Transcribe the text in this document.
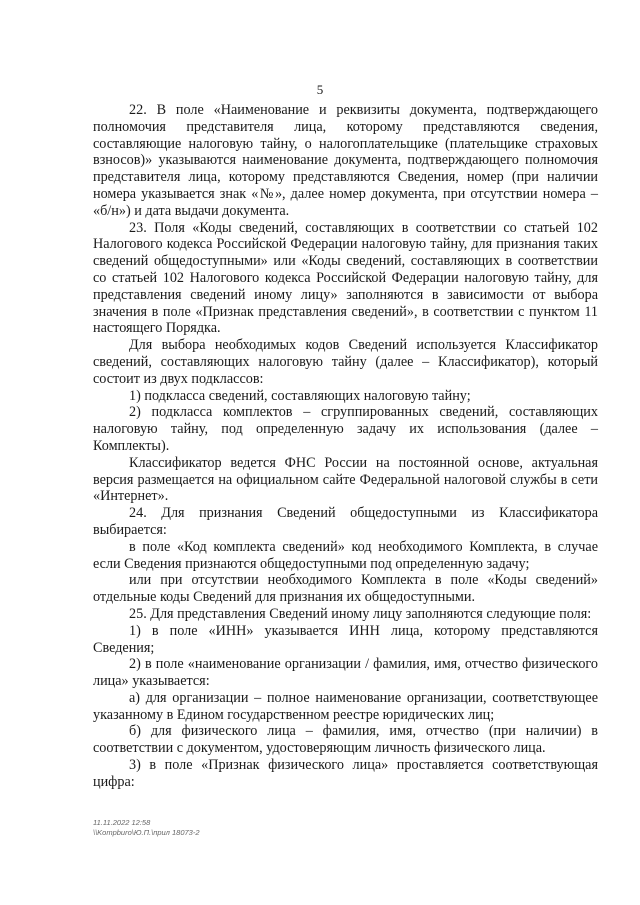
5

22. В поле «Наименование и реквизиты документа, подтверждающего полномочия представителя лица, которому представляются сведения, составляющие налоговую тайну, о налогоплательщике (плательщике страховых взносов)» указываются наименование документа, подтверждающего полномочия представителя лица, которому представляются Сведения, номер (при наличии номера указывается знак «№», далее номер документа, при отсутствии номера – «б/н») и дата выдачи документа.

23. Поля «Коды сведений, составляющих в соответствии со статьей 102 Налогового кодекса Российской Федерации налоговую тайну, для признания таких сведений общедоступными» или «Коды сведений, составляющих в соответствии со статьей 102 Налогового кодекса Российской Федерации налоговую тайну, для представления сведений иному лицу» заполняются в зависимости от выбора значения в поле «Признак представления сведений», в соответствии с пунктом 11 настоящего Порядка.

Для выбора необходимых кодов Сведений используется Классификатор сведений, составляющих налоговую тайну (далее – Классификатор), который состоит из двух подклассов:

1) подкласса сведений, составляющих налоговую тайну;

2) подкласса комплектов – сгруппированных сведений, составляющих налоговую тайну, под определенную задачу их использования (далее – Комплекты).

Классификатор ведется ФНС России на постоянной основе, актуальная версия размещается на официальном сайте Федеральной налоговой службы в сети «Интернет».

24. Для признания Сведений общедоступными из Классификатора выбирается:

в поле «Код комплекта сведений» код необходимого Комплекта, в случае если Сведения признаются общедоступными под определенную задачу;

или при отсутствии необходимого Комплекта в поле «Коды сведений» отдельные коды Сведений для признания их общедоступными.

25. Для представления Сведений иному лицу заполняются следующие поля:

1) в поле «ИНН» указывается ИНН лица, которому представляются Сведения;

2) в поле «наименование организации / фамилия, имя, отчество физического лица» указывается:

а) для организации – полное наименование организации, соответствующее указанному в Едином государственном реестре юридических лиц;

б) для физического лица – фамилия, имя, отчество (при наличии) в соответствии с документом, удостоверяющим личность физического лица.

3) в поле «Признак физического лица» проставляется соответствующая цифра:

11.11.2022 12:58
\\Kompburo\Ю.П.\прил 18073-2
